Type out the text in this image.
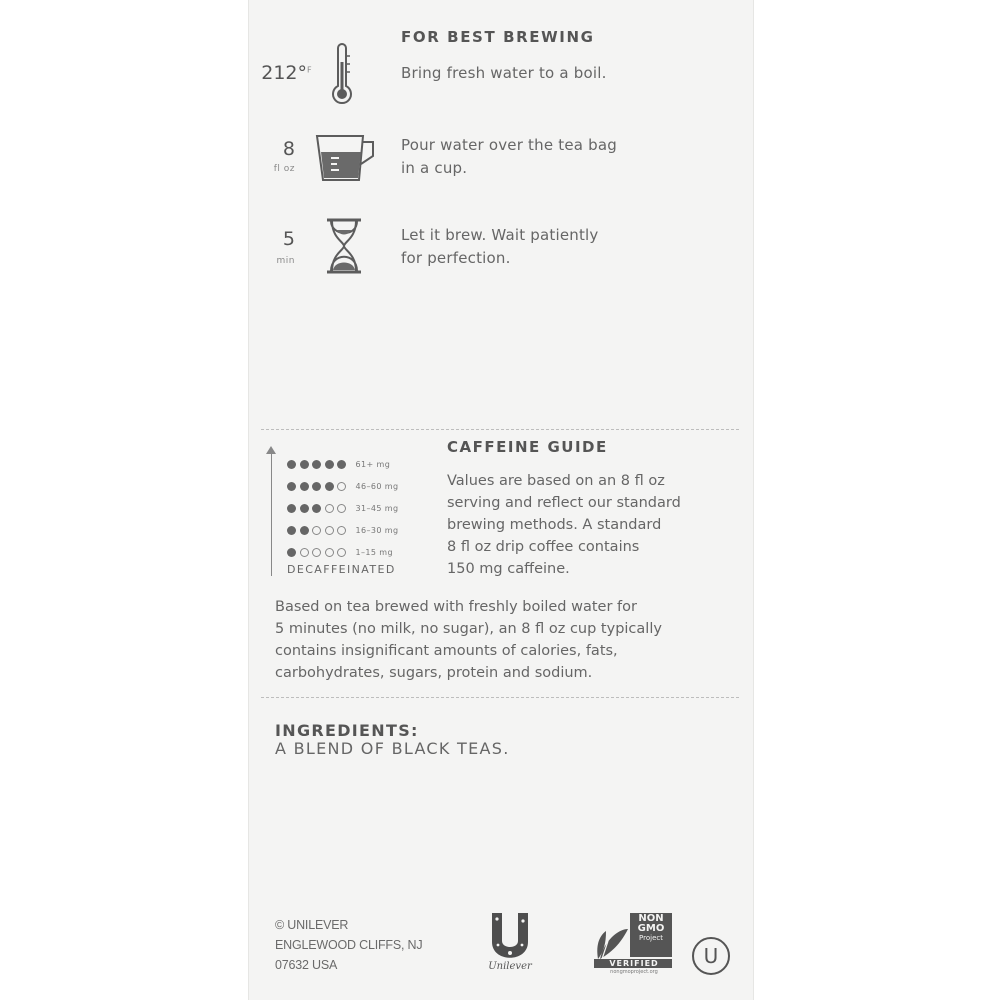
FOR BEST BREWING
212°$^F$	Bring fresh water to a boil.
8
fl oz
Pour water over the tea bag
in a cup.
5
min
Let it brew. Wait patiently
for perfection.
61+ mg
46–60 mg
31–45 mg
16–30 mg
1–15 mg
DECAFFEINATED
CAFFEINE GUIDE
Values are based on an 8 fl oz
serving and reflect our standard
brewing methods. A standard
8 fl oz drip coffee contains
150 mg caffeine.
Based on tea brewed with freshly boiled water for
5 minutes (no milk, no sugar), an 8 fl oz cup typically
contains insignificant amounts of calories, fats,
carbohydrates, sugars, protein and sodium.
INGREDIENTS:
A BLEND OF BLACK TEAS.
© UNILEVER
ENGLEWOOD CLIFFS, NJ
07632 USA	Unilever
NON
GMO
Project
VERIFIED
nongmoproject.org
U
